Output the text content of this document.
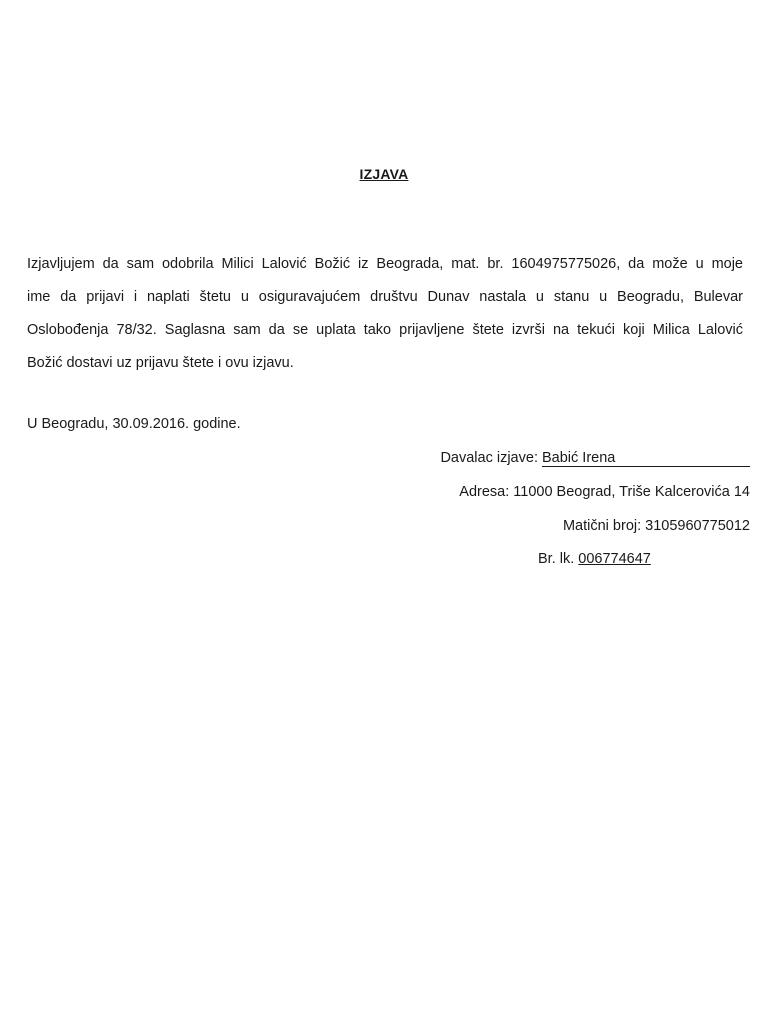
IZJAVA
Izjavljujem da sam odobrila Milici Lalović Božić iz Beograda, mat. br. 1604975775026, da može u moje
ime da prijavi i naplati štetu u osiguravajućem društvu Dunav nastala u stanu u Beogradu, Bulevar
Oslobođenja 78/32. Saglasna sam da se uplata tako prijavljene štete izvrši na tekući koji Milica Lalović
Božić dostavi uz prijavu štete i ovu izjavu.
U Beogradu, 30.09.2016. godine.
Davalac izjave: Babić Irena
Adresa: 11000 Beograd, Triše Kalcerovića 14
Matični broj: 3105960775012
Br. lk. 006774647
